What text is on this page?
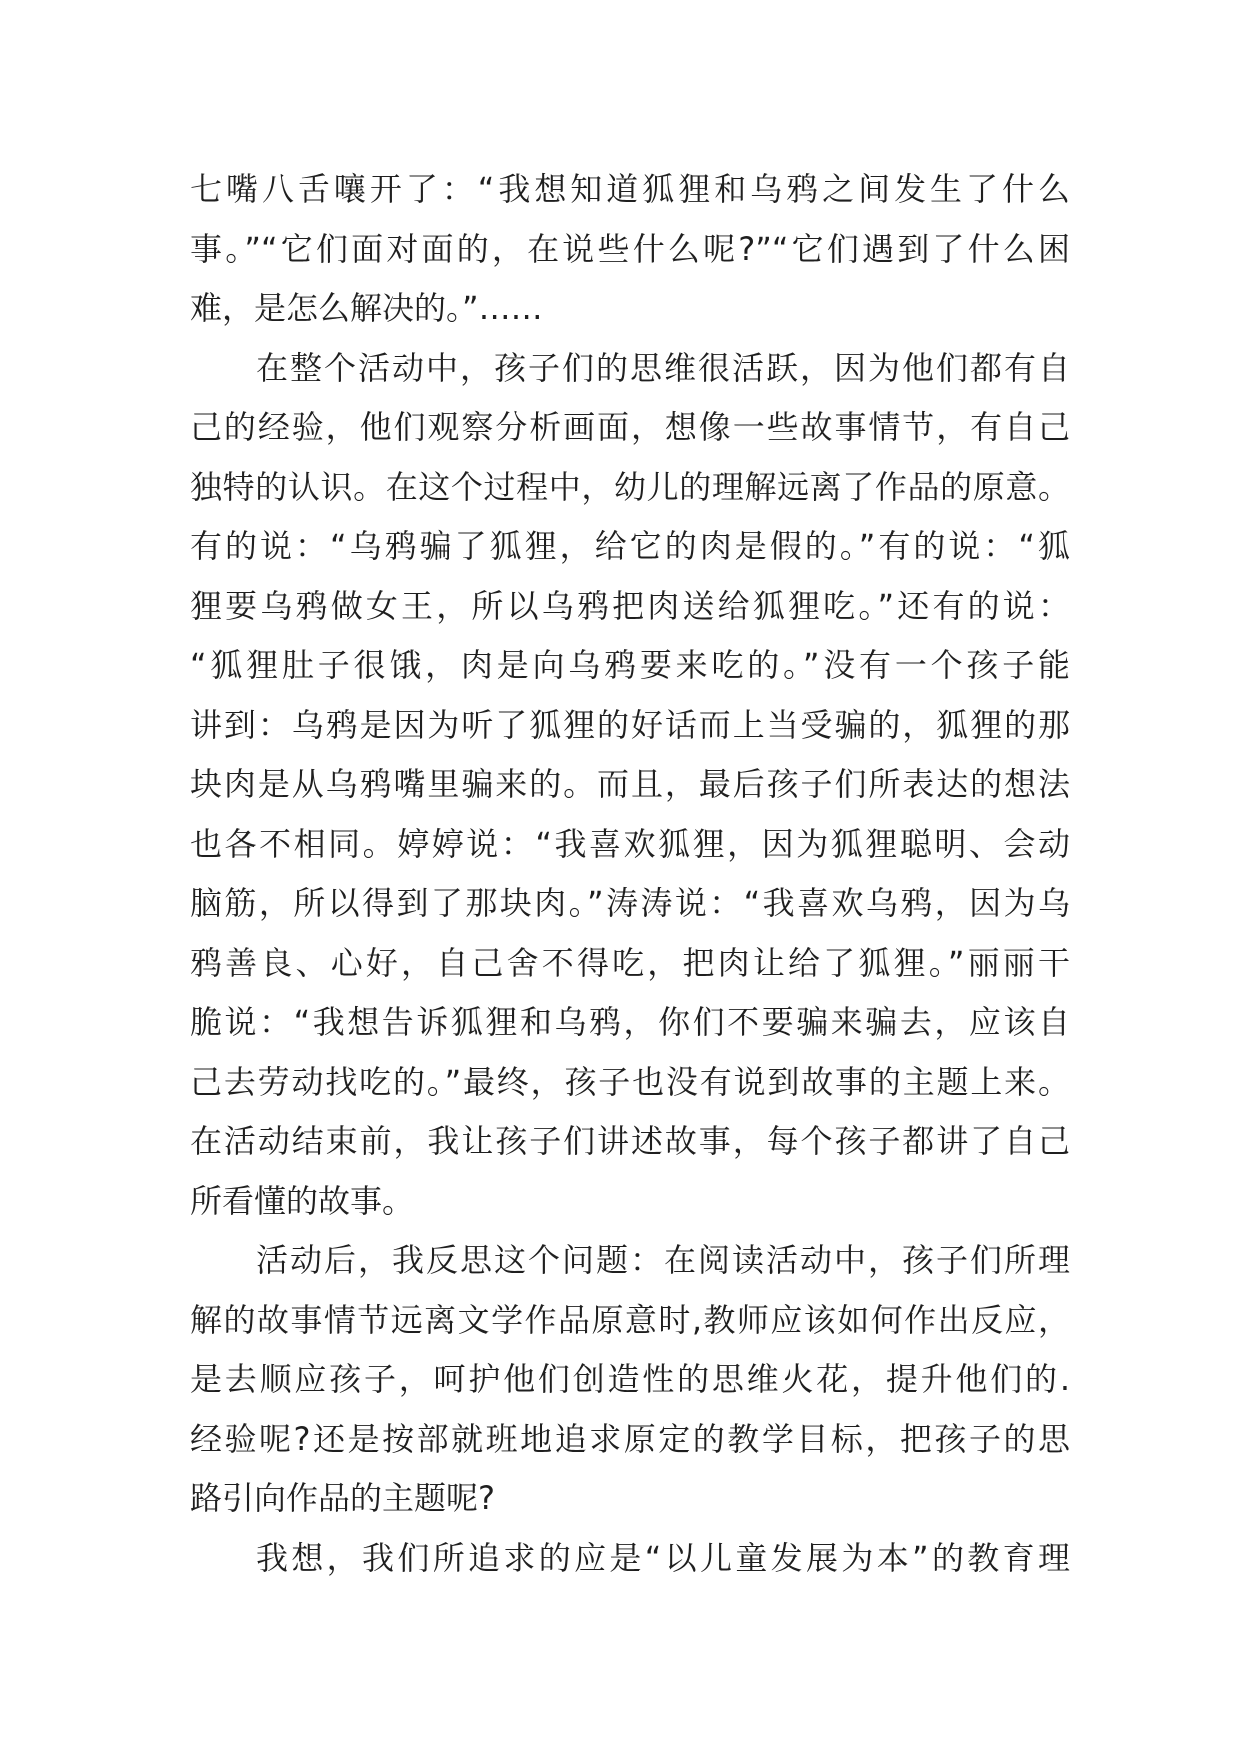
七嘴八舌嚷开了：“我想知道狐狸和乌鸦之间发生了什么
事。”“它们面对面的，在说些什么呢?”“它们遇到了什么困
难，是怎么解决的。”……
在整个活动中，孩子们的思维很活跃，因为他们都有自
己的经验，他们观察分析画面，想像一些故事情节，有自己
独特的认识。在这个过程中，幼儿的理解远离了作品的原意。
有的说：“乌鸦骗了狐狸，给它的肉是假的。”有的说：“狐
狸要乌鸦做女王，所以乌鸦把肉送给狐狸吃。”还有的说：
“狐狸肚子很饿，肉是向乌鸦要来吃的。”没有一个孩子能
讲到：乌鸦是因为听了狐狸的好话而上当受骗的，狐狸的那
块肉是从乌鸦嘴里骗来的。而且，最后孩子们所表达的想法
也各不相同。婷婷说：“我喜欢狐狸，因为狐狸聪明、会动
脑筋，所以得到了那块肉。”涛涛说：“我喜欢乌鸦，因为乌
鸦善良、心好，自己舍不得吃，把肉让给了狐狸。”丽丽干
脆说：“我想告诉狐狸和乌鸦，你们不要骗来骗去，应该自
己去劳动找吃的。”最终，孩子也没有说到故事的主题上来。
在活动结束前，我让孩子们讲述故事，每个孩子都讲了自己
所看懂的故事。
活动后，我反思这个问题：在阅读活动中，孩子们所理
解的故事情节远离文学作品原意时,教师应该如何作出反应，
是去顺应孩子，呵护他们创造性的思维火花，提升他们的.
经验呢?还是按部就班地追求原定的教学目标，把孩子的思
路引向作品的主题呢?
我想，我们所追求的应是“以儿童发展为本”的教育理
